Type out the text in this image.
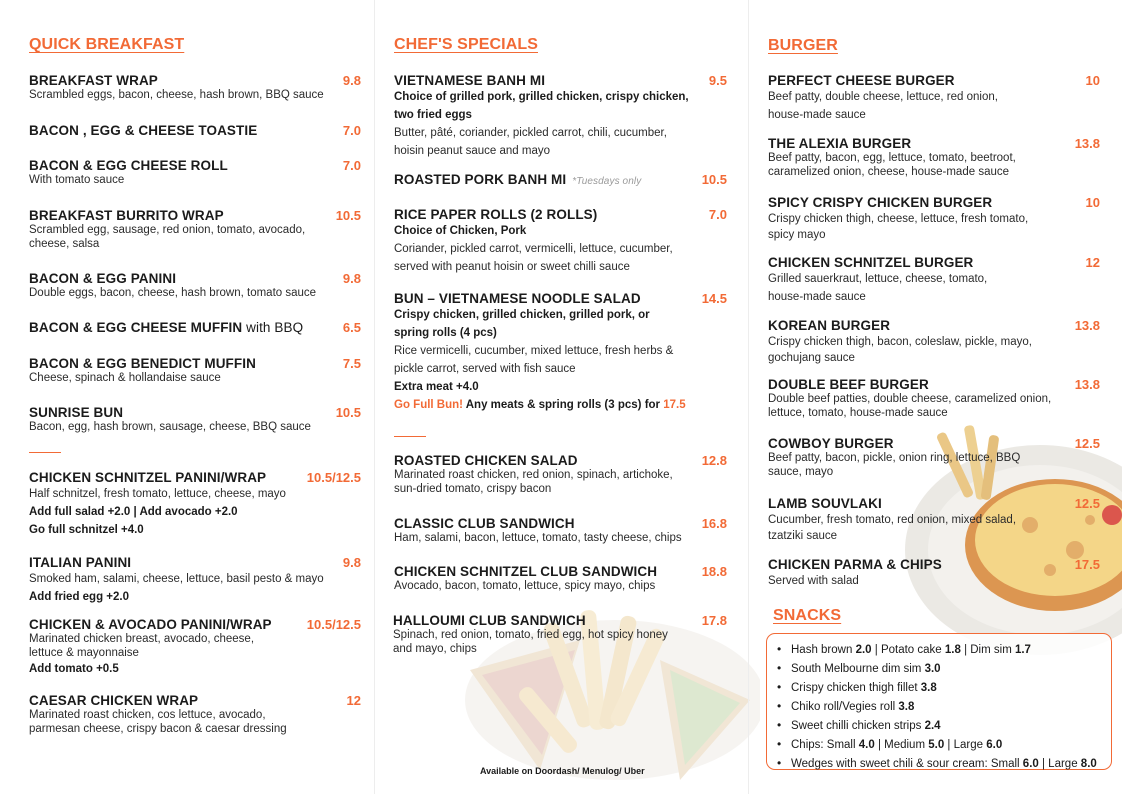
QUICK BREAKFAST
BREAKFAST WRAP	9.8
Scrambled eggs, bacon, cheese, hash brown, BBQ sauce
BACON , EGG & CHEESE TOASTIE	7.0
BACON & EGG CHEESE ROLL	7.0
With tomato sauce
BREAKFAST BURRITO WRAP	10.5
Scrambled egg, sausage, red onion, tomato, avocado,
cheese, salsa
BACON & EGG PANINI	9.8
Double eggs, bacon, cheese, hash brown, tomato sauce
BACON & EGG CHEESE MUFFIN with BBQ	6.5
BACON & EGG BENEDICT MUFFIN	7.5
Cheese, spinach & hollandaise sauce
SUNRISE BUN	10.5
Bacon, egg, hash brown, sausage, cheese, BBQ sauce
CHICKEN SCHNITZEL PANINI/WRAP	10.5/12.5
Half schnitzel, fresh tomato, lettuce, cheese, mayo
Add full salad +2.0 | Add avocado +2.0
Go full schnitzel +4.0
ITALIAN PANINI	9.8
Smoked ham, salami, cheese, lettuce, basil pesto & mayo
Add fried egg +2.0
CHICKEN & AVOCADO PANINI/WRAP	10.5/12.5
Marinated chicken breast, avocado, cheese,
lettuce & mayonnaise
Add tomato +0.5
CAESAR CHICKEN WRAP	12
Marinated roast chicken, cos lettuce, avocado,
parmesan cheese, crispy bacon & caesar dressing
CHEF'S SPECIALS
VIETNAMESE BANH MI	9.5
Choice of grilled pork, grilled chicken, crispy chicken,
two fried eggs
Butter, pâté, coriander, pickled carrot, chili, cucumber,
hoisin peanut sauce and mayo
ROASTED PORK BANH MI *Tuesdays only	10.5
RICE PAPER ROLLS (2 ROLLS)	7.0
Choice of Chicken, Pork
Coriander, pickled carrot, vermicelli, lettuce, cucumber,
served with peanut hoisin or sweet chilli sauce
BUN – VIETNAMESE NOODLE SALAD	14.5
Crispy chicken, grilled chicken, grilled pork, or
spring rolls (4 pcs)
Rice vermicelli, cucumber, mixed lettuce, fresh herbs &
pickle carrot, served with fish sauce
Extra meat +4.0
Go Full Bun! Any meats & spring rolls (3 pcs) for 17.5
ROASTED CHICKEN SALAD	12.8
Marinated roast chicken, red onion, spinach, artichoke,
sun-dried tomato, crispy bacon
CLASSIC CLUB SANDWICH	16.8
Ham, salami, bacon, lettuce, tomato, tasty cheese, chips
CHICKEN SCHNITZEL CLUB SANDWICH	18.8
Avocado, bacon, tomato, lettuce, spicy mayo, chips
HALLOUMI CLUB SANDWICH	17.8
Spinach, red onion, tomato, fried egg, hot spicy honey
and mayo, chips
Available on Doordash/ Menulog/ Uber
BURGER
PERFECT CHEESE BURGER	10
Beef patty, double cheese, lettuce, red onion,
house-made sauce
THE ALEXIA BURGER	13.8
Beef patty, bacon, egg, lettuce, tomato, beetroot,
caramelized onion, cheese, house-made sauce
SPICY CRISPY CHICKEN BURGER	10
Crispy chicken thigh, cheese, lettuce, fresh tomato,
spicy mayo
CHICKEN SCHNITZEL BURGER	12
Grilled sauerkraut, lettuce, cheese, tomato,
house-made sauce
KOREAN BURGER	13.8
Crispy chicken thigh, bacon, coleslaw, pickle, mayo,
gochujang sauce
DOUBLE BEEF BURGER	13.8
Double beef patties, double cheese, caramelized onion,
lettuce, tomato, house-made sauce
COWBOY BURGER	12.5
Beef patty, bacon, pickle, onion ring, lettuce, BBQ
sauce, mayo
LAMB SOUVLAKI	12.5
Cucumber, fresh tomato, red onion, mixed salad,
tzatziki sauce
CHICKEN PARMA & CHIPS	17.5
Served with salad
SNACKS
• Hash brown 2.0 | Potato cake 1.8 | Dim sim 1.7
• South Melbourne dim sim 3.0
• Crispy chicken thigh fillet 3.8
• Chiko roll/Vegies roll 3.8
• Sweet chilli chicken strips 2.4
• Chips: Small 4.0 | Medium 5.0 | Large 6.0
• Wedges with sweet chili & sour cream: Small 6.0 | Large 8.0
